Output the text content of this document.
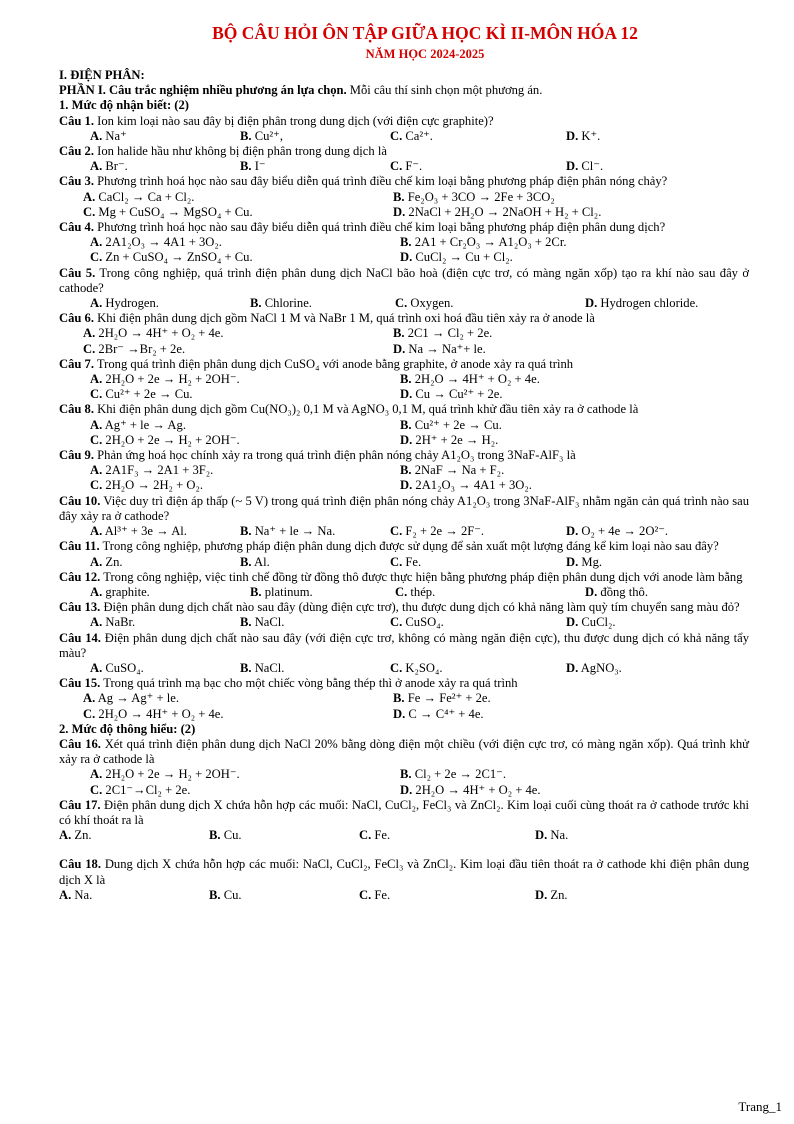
BỘ CÂU HỎI ÔN TẬP GIỮA HỌC KÌ II-MÔN HÓA 12
NĂM HỌC 2024-2025
I. ĐIỆN PHÂN:
PHẦN I. Câu trắc nghiệm nhiều phương án lựa chọn. Mỗi câu thí sinh chọn một phương án.
1. Mức độ nhận biết: (2)
Câu 1. Ion kim loại nào sau đây bị điện phân trong dung dịch (với điện cực graphite)?
A. Na⁺	B. Cu²⁺,	C. Ca²⁺.	D. K⁺.
Câu 2. Ion halide hầu như không bị điện phân trong dung dịch là
A. Br⁻.	B. I⁻	C. F⁻.	D. Cl⁻.
Câu 3. Phương trình hoá học nào sau đây biểu diễn quá trình điều chế kim loại bằng phương pháp điện phân nóng chảy?
A. CaCl₂ → Ca + Cl₂.	B. Fe₂O₃ + 3CO → 2Fe + 3CO₂
C. Mg + CuSO₄ → MgSO₄ + Cu.	D. 2NaCl + 2H₂O → 2NaOH + H₂ + Cl₂.
Câu 4. Phương trình hoá học nào sau đây biểu diễn quá trình điều chế kim loại bằng phương pháp điện phân dung dịch?
A. 2A1₂O₃ → 4A1 + 3O₂.	B. 2A1 + Cr₂O₃ → A1₂O₃ + 2Cr.
C. Zn + CuSO₄ → ZnSO₄ + Cu.	D. CuCl₂ → Cu + Cl₂.
Câu 5. Trong công nghiệp, quá trình điện phân dung dịch NaCl bão hoà (điện cực trơ, có màng ngăn xốp) tạo ra khí nào sau đây ở cathode?
A. Hydrogen.	B. Chlorine.	C. Oxygen.	D. Hydrogen chloride.
Câu 6. Khi điện phân dung dịch gồm NaCl 1 M và NaBr 1 M, quá trình oxi hoá đầu tiên xảy ra ở anode là
A. 2H₂O → 4H⁺ + O₂ + 4e.	B. 2C1 → Cl₂ + 2e.
C. 2Br⁻ →Br₂ + 2e.	D. Na → Na⁺+ le.
Câu 7. Trong quá trình điện phân dung dịch CuSO₄ với anode bằng graphite, ở anode xảy ra quá trình
A. 2H₂O + 2e → H₂ + 2OH⁻.	B. 2H₂O → 4H⁺ + O₂ + 4e.
C. Cu²⁺ + 2e → Cu.	D. Cu → Cu²⁺ + 2e.
Câu 8. Khi điện phân dung dịch gồm Cu(NO₃)₂ 0,1 M và AgNO₃ 0,1 M, quá trình khử đầu tiên xảy ra ở cathode là
A. Ag⁺ + le → Ag.	B. Cu²⁺ + 2e → Cu.
C. 2H₂O + 2e → H₂ + 2OH⁻.	D. 2H⁺ + 2e → H₂.
Câu 9. Phản ứng hoá học chính xảy ra trong quá trình điện phân nóng chảy A1₂O₃ trong 3NaF-AlF₃ là
A. 2A1F₃ → 2A1 + 3F₂.	B. 2NaF → Na + F₂.
C. 2H₂O → 2H₂ + O₂.	D. 2A1₂O₃ → 4A1 + 3O₂.
Câu 10. Việc duy trì điện áp thấp (~ 5 V) trong quá trình điện phân nóng chảy A1₂O₃ trong 3NaF-AlF₃ nhằm ngăn cản quá trình nào sau đây xảy ra ở cathode?
A. Al³⁺ + 3e → Al.	B. Na⁺ + le → Na.	C. F₂ + 2e → 2F⁻.	D. O₂ + 4e → 2O²⁻.
Câu 11. Trong công nghiệp, phương pháp điện phân dung dịch được sử dụng để sản xuất một lượng đáng kể kim loại nào sau đây?
A. Zn.	B. Al.	C. Fe.	D. Mg.
Câu 12. Trong công nghiệp, việc tinh chế đồng từ đồng thô được thực hiện bằng phương pháp điện phân dung dịch với anode làm bằng
A. graphite.	B. platinum.	C. thép.	D. đồng thô.
Câu 13. Điện phân dung dịch chất nào sau đây (dùng điện cực trơ), thu được dung dịch có khả năng làm quỳ tím chuyển sang màu đỏ?
A. NaBr.	B. NaCl.	C. CuSO₄.	D. CuCl₂.
Câu 14. Điện phân dung dịch chất nào sau đây (với điện cực trơ, không có màng ngăn điện cực), thu được dung dịch có khả năng tẩy màu?
A. CuSO₄.	B. NaCl.	C. K₂SO₄.	D. AgNO₃.
Câu 15. Trong quá trình mạ bạc cho một chiếc vòng bằng thép thì ở anode xảy ra quá trình
A. Ag → Ag⁺ + le.	B. Fe → Fe²⁺ + 2e.
C. 2H₂O → 4H⁺ + O₂ + 4e.	D. C → C⁴⁺ + 4e.
2. Mức độ thông hiểu: (2)
Câu 16. Xét quá trình điện phân dung dịch NaCl 20% bằng dòng điện một chiều (với điện cực trơ, có màng ngăn xốp). Quá trình khử xảy ra ở cathode là
A. 2H₂O + 2e → H₂ + 2OH⁻.	B. Cl₂ + 2e → 2C1⁻.
C. 2C1⁻→Cl₂ + 2e.	D. 2H₂O → 4H⁺ + O₂ + 4e.
Câu 17. Điện phân dung dịch X chứa hỗn hợp các muối: NaCl, CuCl₂, FeCl₃ và ZnCl₂. Kim loại cuối cùng thoát ra ở cathode trước khi có khí thoát ra là
A. Zn.	B. Cu.	C. Fe.	D. Na.
Câu 18. Dung dịch X chứa hỗn hợp các muối: NaCl, CuCl₂, FeCl₃ và ZnCl₂. Kim loại đầu tiên thoát ra ở cathode khi điện phân dung dịch X là
A. Na.	B. Cu.	C. Fe.	D. Zn.
Trang_1
